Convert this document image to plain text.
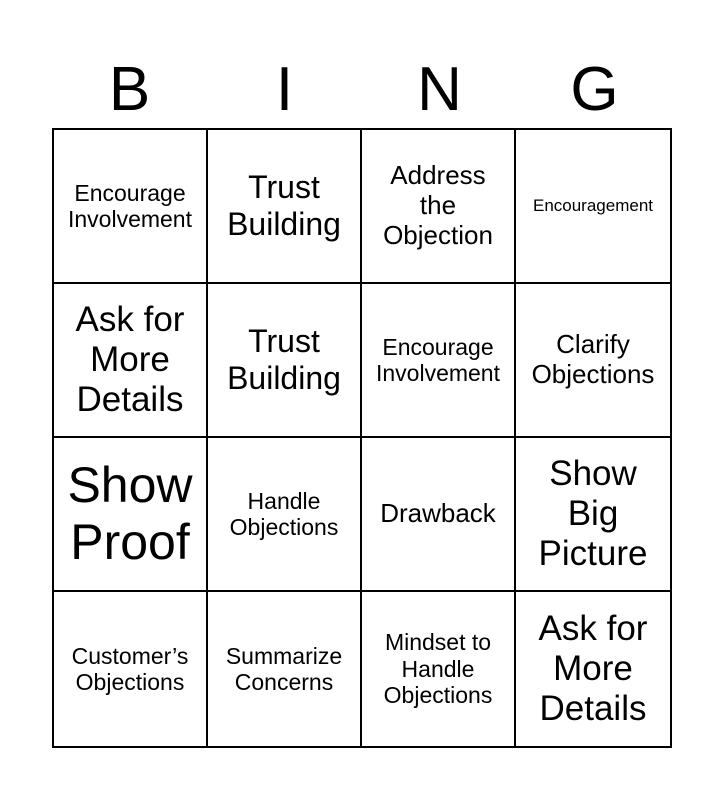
B	I	N	G
Encourage Involvement
Trust Building
Address the Objection
Encouragement
Ask for More Details
Trust Building
Encourage Involvement
Clarify Objections
Show Proof
Handle Objections	Drawback
Show Big Picture
Customer’s Objections
Summarize Concerns
Mindset to Handle Objections
Ask for More Details
